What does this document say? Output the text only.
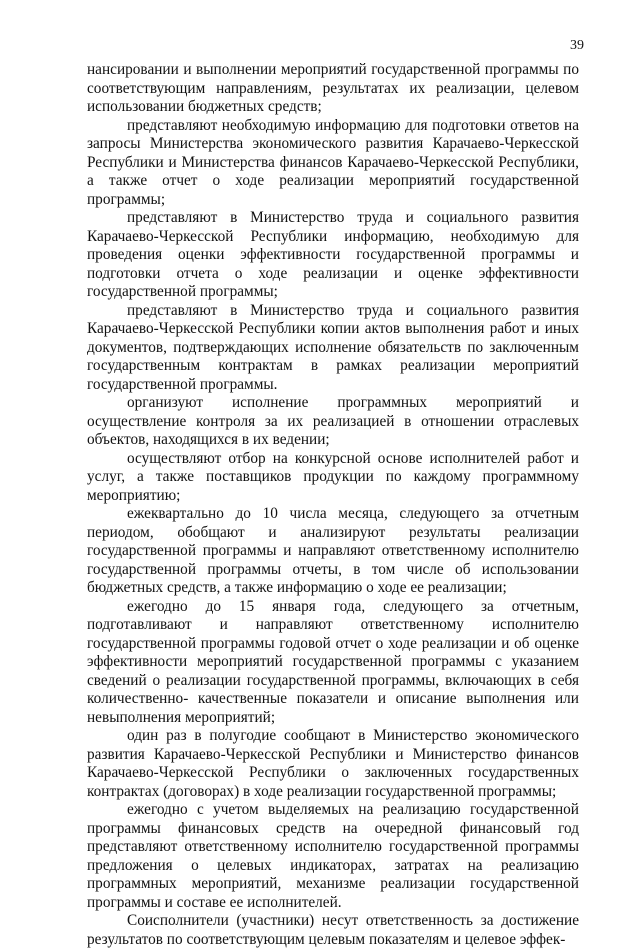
39

нансировании и выполнении мероприятий государственной программы по соответствующим направлениям, результатах их реализации, целевом использовании бюджетных средств;

представляют необходимую информацию для подготовки ответов на запросы Министерства экономического развития Карачаево-Черкесской Республики и Министерства финансов Карачаево-Черкесской Республики, а также отчет о ходе реализации мероприятий государственной программы;

представляют в Министерство труда и социального развития Карачаево-Черкесской Республики информацию, необходимую для проведения оценки эффективности государственной программы и подготовки отчета о ходе реализации и оценке эффективности государственной программы;

представляют в Министерство труда и социального развития Карачаево-Черкесской Республики копии актов выполнения работ и иных документов, подтверждающих исполнение обязательств по заключенным государственным контрактам в рамках реализации мероприятий государственной программы.

организуют исполнение программных мероприятий и осуществление контроля за их реализацией в отношении отраслевых объектов, находящихся в их ведении;

осуществляют отбор на конкурсной основе исполнителей работ и услуг, а также поставщиков продукции по каждому программному мероприятию;

ежеквартально до 10 числа месяца, следующего за отчетным периодом, обобщают и анализируют результаты реализации государственной программы и направляют ответственному исполнителю государственной программы отчеты, в том числе об использовании бюджетных средств, а также информацию о ходе ее реализации;

ежегодно до 15 января года, следующего за отчетным, подготавливают и направляют ответственному исполнителю государственной программы годовой отчет о ходе реализации и об оценке эффективности мероприятий государственной программы с указанием сведений о реализации государственной программы, включающих в себя количественно- качественные показатели и описание выполнения или невыполнения мероприятий;

один раз в полугодие сообщают в Министерство экономического развития Карачаево-Черкесской Республики и Министерство финансов Карачаево-Черкесской Республики о заключенных государственных контрактах (договорах) в ходе реализации государственной программы;

ежегодно с учетом выделяемых на реализацию государственной программы финансовых средств на очередной финансовый год представляют ответственному исполнителю государственной программы предложения о целевых индикаторах, затратах на реализацию программных мероприятий, механизме реализации государственной программы и составе ее исполнителей.

Соисполнители (участники) несут ответственность за достижение результатов по соответствующим целевым показателям и целевое эффек-
